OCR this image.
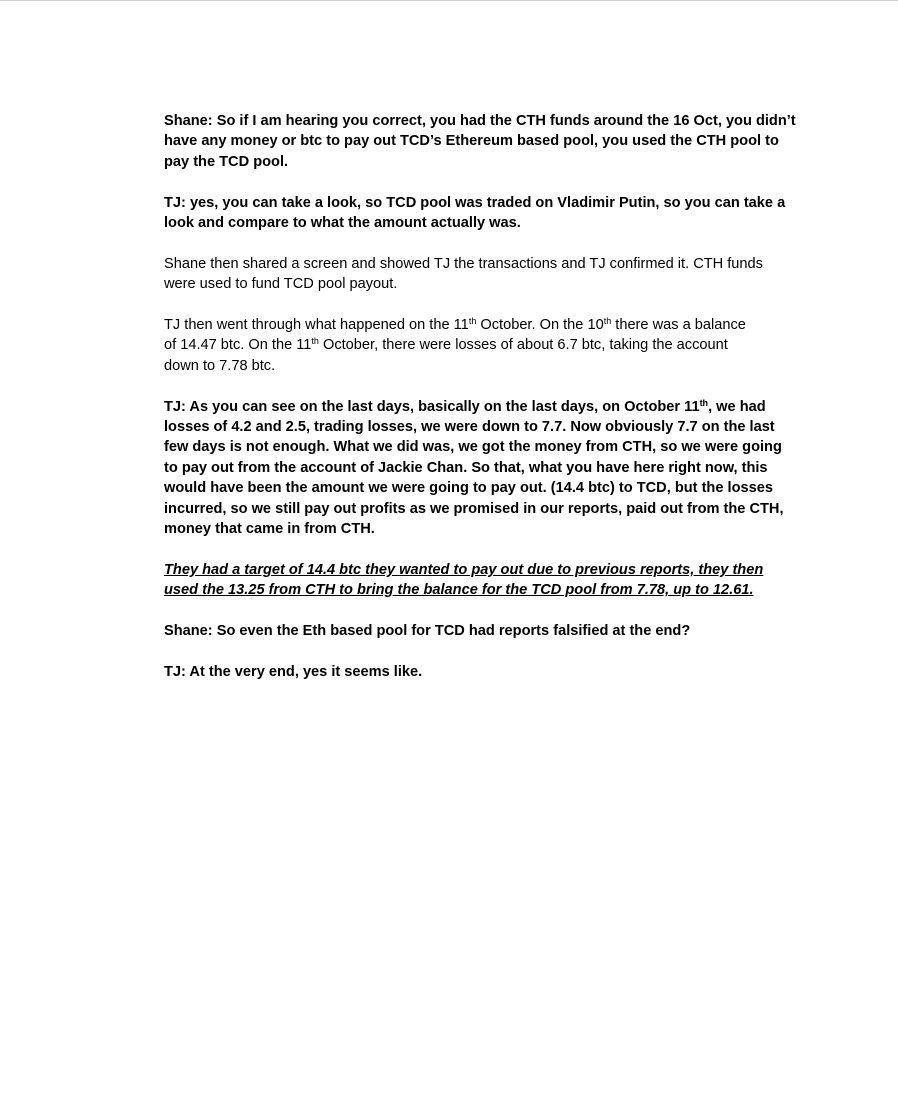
Shane: So if I am hearing you correct, you had the CTH funds around the 16 Oct, you didn’t
have any money or btc to pay out TCD’s Ethereum based pool, you used the CTH pool to
pay the TCD pool.

TJ: yes, you can take a look, so TCD pool was traded on Vladimir Putin, so you can take a
look and compare to what the amount actually was.

Shane then shared a screen and showed TJ the transactions and TJ confirmed it. CTH funds
were used to fund TCD pool payout.

TJ then went through what happened on the 11th October. On the 10th there was a balance
of 14.47 btc. On the 11th October, there were losses of about 6.7 btc, taking the account
down to 7.78 btc.

TJ: As you can see on the last days, basically on the last days, on October 11th, we had
losses of 4.2 and 2.5, trading losses, we were down to 7.7. Now obviously 7.7 on the last
few days is not enough. What we did was, we got the money from CTH, so we were going
to pay out from the account of Jackie Chan. So that, what you have here right now, this
would have been the amount we were going to pay out. (14.4 btc) to TCD, but the losses
incurred, so we still pay out profits as we promised in our reports, paid out from the CTH,
money that came in from CTH.

They had a target of 14.4 btc they wanted to pay out due to previous reports, they then
used the 13.25 from CTH to bring the balance for the TCD pool from 7.78, up to 12.61.

Shane: So even the Eth based pool for TCD had reports falsified at the end?

TJ: At the very end, yes it seems like.
